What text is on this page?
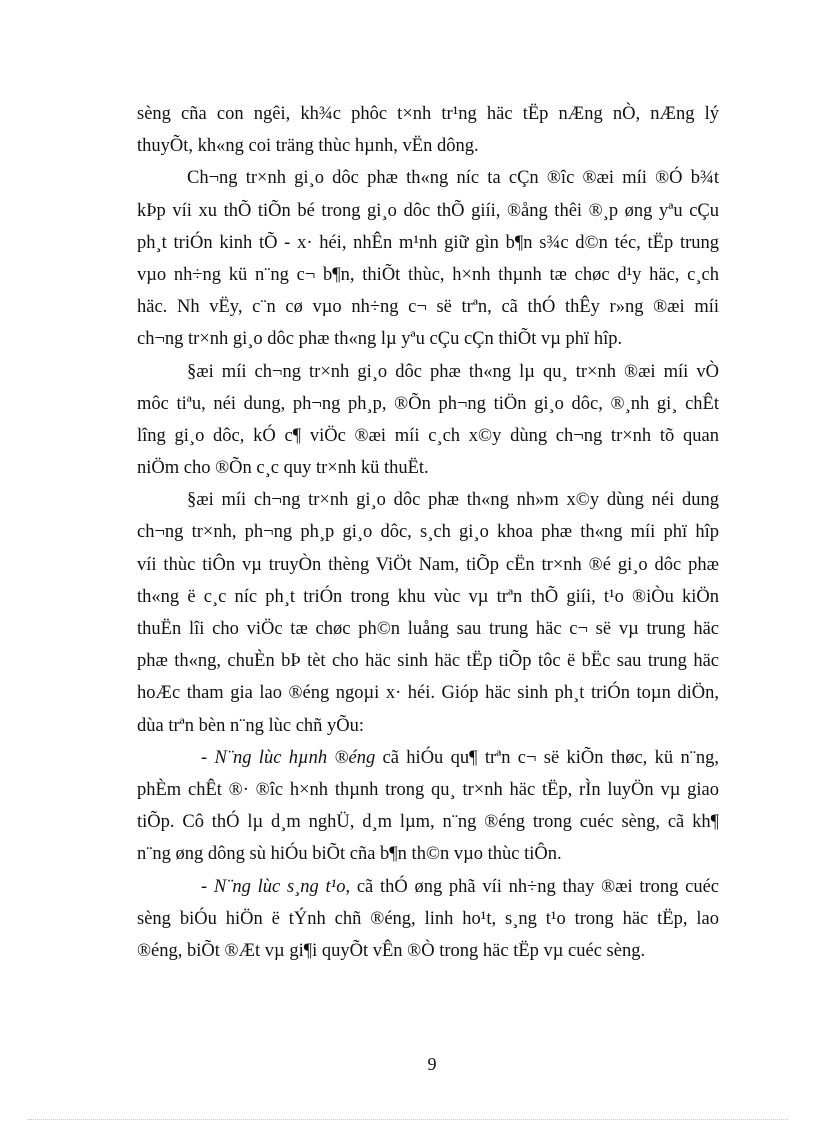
sèng cña con ngêi, kh¾c phôc t×nh tr¹ng häc tËp nÆng nÒ, nÆng lý
thuyÕt, kh«ng coi träng thùc hµnh, vËn dông.
Ch¬ng tr×nh gi¸o dôc phæ th«ng níc ta cÇn ®îc ®æi míi ®Ó b¾t
kÞp víi xu thÕ tiÕn bé trong gi¸o dôc thÕ giíi, ®ång thêi ®¸p øng yªu cÇu
ph¸t triÓn kinh tÕ - x· héi, nhÊn m¹nh giữ gìn b¶n s¾c d©n téc, tËp trung
vµo nh÷ng kü n¨ng c¬ b¶n, thiÕt thùc, h×nh thµnh tæ chøc d¹y häc, c¸ch
häc. Nh vËy, c¨n cø vµo nh÷ng c¬ së trªn, cã thÓ thÊy r»ng ®æi míi
ch¬ng tr×nh gi¸o dôc phæ th«ng lµ yªu cÇu cÇn thiÕt vµ phï hîp.
§æi míi ch¬ng tr×nh gi¸o dôc phæ th«ng lµ qu¸ tr×nh ®æi míi vÒ
môc tiªu, néi dung, ph¬ng ph¸p, ®Õn ph¬ng tiÖn gi¸o dôc, ®¸nh gi¸ chÊt
lîng gi¸o dôc, kÓ c¶ viÖc ®æi míi c¸ch x©y dùng ch¬ng tr×nh tõ quan
niÖm cho ®Õn c¸c quy tr×nh kü thuËt.
§æi míi ch¬ng tr×nh gi¸o dôc phæ th«ng nh»m x©y dùng néi dung
ch¬ng tr×nh, ph¬ng ph¸p gi¸o dôc, s¸ch gi¸o khoa phæ th«ng míi phï hîp
víi thùc tiÔn vµ truyÒn thèng ViÖt Nam, tiÕp cËn tr×nh ®é gi¸o dôc phæ
th«ng ë c¸c níc ph¸t triÓn trong khu vùc vµ trªn thÕ giíi, t¹o ®iÒu kiÖn
thuËn lîi cho viÖc tæ chøc ph©n luång sau trung häc c¬ së vµ trung häc
phæ th«ng, chuÈn bÞ tèt cho häc sinh häc tËp tiÕp tôc ë bËc sau trung häc
hoÆc tham gia lao ®éng ngoµi x· héi. Gióp häc sinh ph¸t triÓn toµn diÖn,
dùa trªn bèn n¨ng lùc chñ yÕu:
- N¨ng lùc hµnh ®éng cã hiÓu qu¶ trªn c¬ së kiÕn thøc, kü n¨ng,
phÈm chÊt ®· ®îc h×nh thµnh trong qu¸ tr×nh häc tËp, rÌn luyÖn vµ giao
tiÕp. Cô thÓ lµ d¸m nghÜ, d¸m lµm, n¨ng ®éng trong cuéc sèng, cã kh¶
n¨ng øng dông sù hiÓu biÕt cña b¶n th©n vµo thùc tiÔn.
- N¨ng lùc s¸ng t¹o, cã thÓ øng phã víi nh÷ng thay ®æi trong cuéc
sèng biÓu hiÖn ë tÝnh chñ ®éng, linh ho¹t, s¸ng t¹o trong häc tËp, lao
®éng, biÕt ®Æt vµ gi¶i quyÕt vÊn ®Ò trong häc tËp vµ cuéc sèng.
9
